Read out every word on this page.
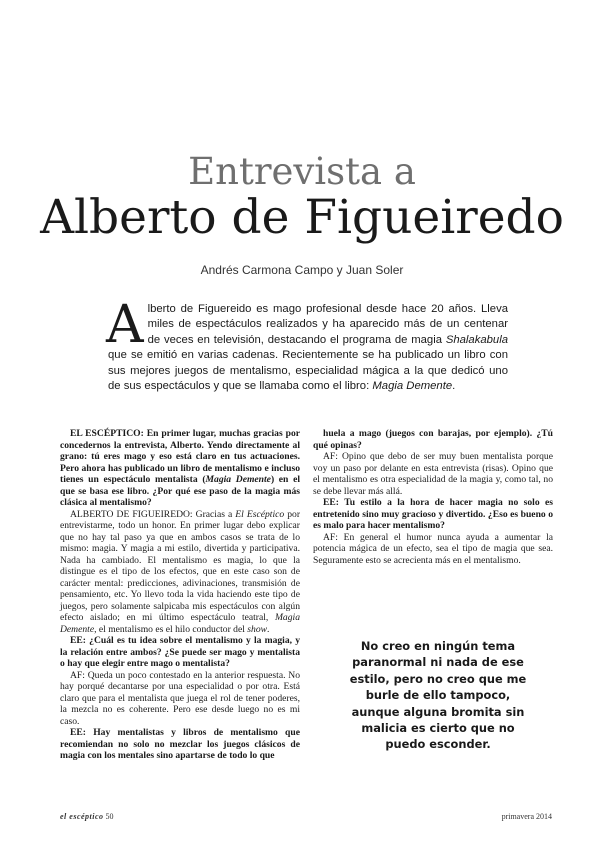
Entrevista a
Alberto de Figueiredo
Andrés Carmona Campo y Juan Soler
Alberto de Figuereido es mago profesional desde hace 20 años. Lleva miles de espectáculos realizados y ha aparecido más de un centenar de veces en televisión, destacando el programa de magia Shalakabula que se emitió en varias cadenas. Recientemente se ha publicado un libro con sus mejores juegos de mentalismo, especialidad mágica a la que dedicó uno de sus espectáculos y que se llamaba como el libro: Magia Demente.

EL ESCÉPTICO: En primer lugar, muchas gracias por concedernos la entrevista, Alberto. Yendo directamente al grano: tú eres mago y eso está claro en tus actuaciones. Pero ahora has publicado un libro de mentalismo e incluso tienes un espectáculo mentalista (Magia Demente) en el que se basa ese libro. ¿Por qué ese paso de la magia más clásica al mentalismo?

ALBERTO DE FIGUEIREDO: Gracias a El Escéptico por entrevistarme, todo un honor. En primer lugar debo explicar que no hay tal paso ya que en ambos casos se trata de lo mismo: magia. Y magia a mi estilo, divertida y participativa. Nada ha cambiado. El mentalismo es magia, lo que la distingue es el tipo de los efectos, que en este caso son de carácter mental: predicciones, adivinaciones, transmisión de pensamiento, etc. Yo llevo toda la vida haciendo este tipo de juegos, pero solamente salpicaba mis espectáculos con algún efecto aislado; en mi último espectáculo teatral, Magia Demente, el mentalismo es el hilo conductor del show.

EE: ¿Cuál es tu idea sobre el mentalismo y la magia, y la relación entre ambos? ¿Se puede ser mago y mentalista o hay que elegir entre mago o mentalista?

AF: Queda un poco contestado en la anterior respuesta. No hay porqué decantarse por una especialidad o por otra. Está claro que para el mentalista que juega el rol de tener poderes, la mezcla no es coherente. Pero ese desde luego no es mi caso.

EE: Hay mentalistas y libros de mentalismo que recomiendan no solo no mezclar los juegos clásicos de magia con los mentales sino apartarse de todo lo que

huela a mago (juegos con barajas, por ejemplo). ¿Tú qué opinas?

AF: Opino que debo de ser muy buen mentalista porque voy un paso por delante en esta entrevista (risas). Opino que el mentalismo es otra especialidad de la magia y, como tal, no se debe llevar más allá.

EE: Tu estilo a la hora de hacer magia no solo es entretenido sino muy gracioso y divertido. ¿Eso es bueno o es malo para hacer mentalismo?

AF: En general el humor nunca ayuda a aumentar la potencia mágica de un efecto, sea el tipo de magia que sea. Seguramente esto se acrecienta más en el mentalismo.

No creo en ningún tema paranormal ni nada de ese estilo, pero no creo que me burle de ello tampoco, aunque alguna bromita sin malicia es cierto que no puedo esconder.
el escéptico 50	primavera 2014
